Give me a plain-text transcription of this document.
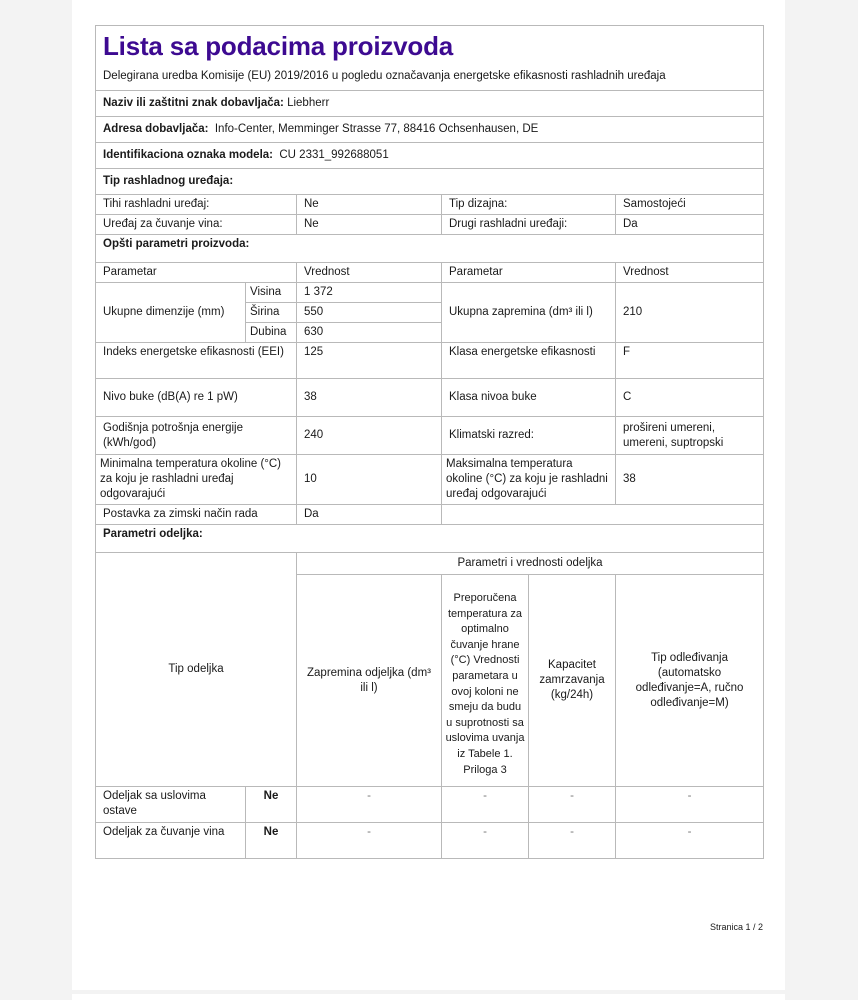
Lista sa podacima proizvoda					

Delegirana uredba Komisije (EU) 2019/2016 u pogledu označavanja energetske efikasnosti rashladnih uređaja					
Naziv ili zaštitni znak dobavljača: Liebherr					
Adresa dobavljača: Info-Center, Memminger Strasse 77, 88416 Ochsenhausen, DE					
Identifikaciona oznaka modela: CU 2331_992688051					
Tip rashladnog uređaja:					
Tihi rashladni uređaj:		Ne	Tip dizajna:		Samostojeći
Uređaj za čuvanje vina:		Ne	Drugi rashladni uređaji:		Da
Opšti parametri proizvoda:					
Parametar		Vrednost	Parametar		Vrednost
Ukupne dimenzije (mm)	Visina	1 372	Ukupna zapremina (dm³ ili l)		210
	Širina	550			
	Dubina	630			
Indeks energetske efikasnosti (EEI)		125	Klasa energetske efikasnosti		F
Nivo buke (dB(A) re 1 pW)		38	Klasa nivoa buke		C
Godišnja potrošnja energije (kWh/god)		240	Klimatski razred:		prošireni umereni, umereni, suptropski
Minimalna temperatura okoline (°C) za koju je rashladni uređaj odgovarajući		10	Maksimalna temperatura okoline (°C) za koju je rashladni uređaj odgovarajući		38
Postavka za zimski način rada		Da			
Parametri odeljka:					
Tip odeljka		Parametri i vrednosti odeljka			
		Zapremina odjeljka (dm³ ili l)	Preporučena temperatura za optimalno čuvanje hrane (°C) Vrednosti parametara u ovoj koloni ne smeju da budu u suprotnosti sa uslovima uvanja iz Tabele 1. Priloga 3	Kapacitet zamrzavanja (kg/24h)	Tip odleđivanja (automatsko odleđivanje=A, ručno odleđivanje=M)
Odeljak sa uslovima ostave	Ne	-	-	-	-
Odeljak za čuvanje vina	Ne	-	-	-	-
Stranica 1 / 2
